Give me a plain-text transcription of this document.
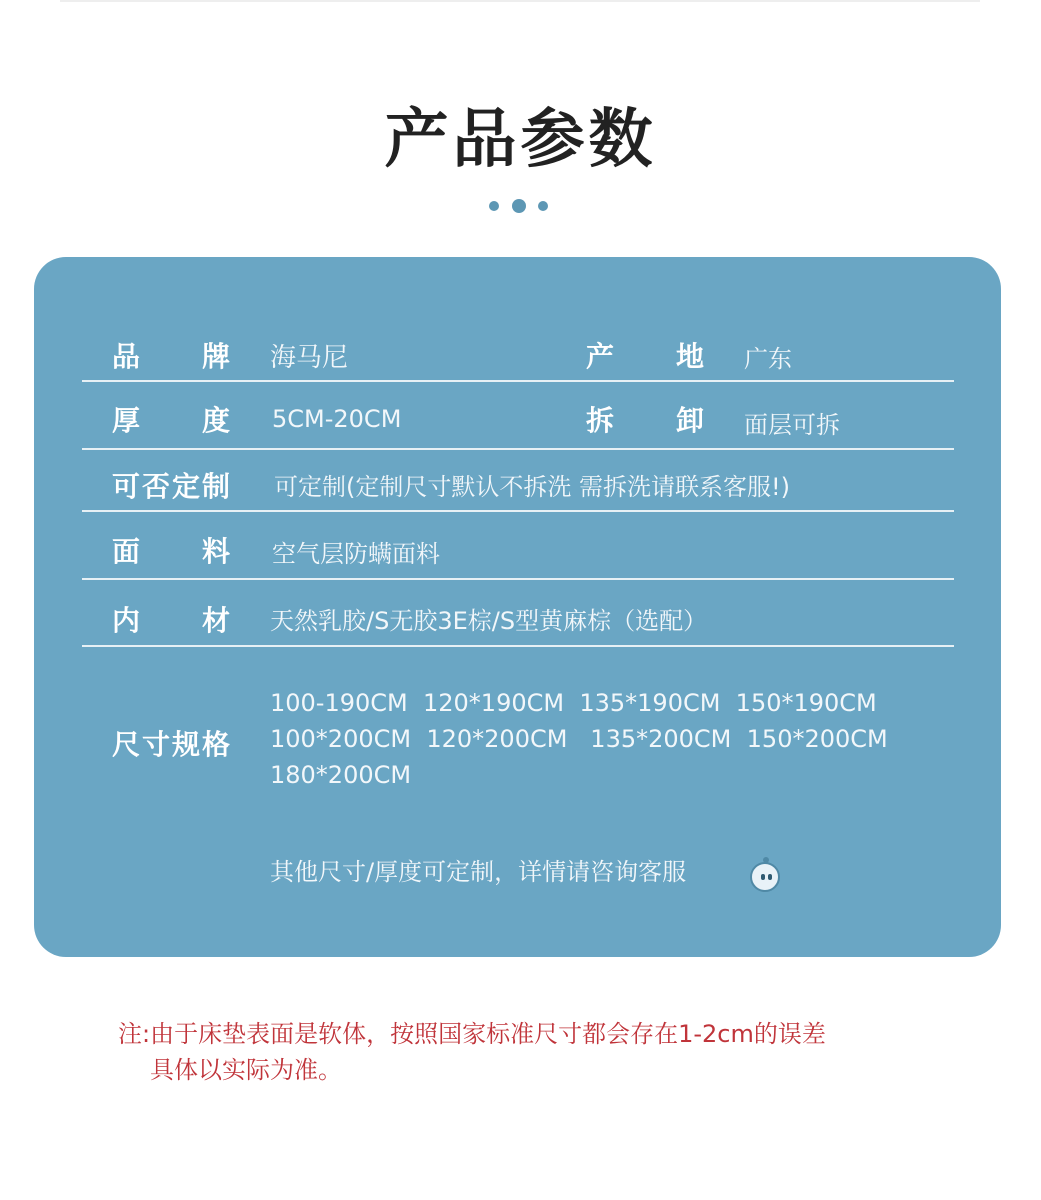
产品参数
品　　牌 海马尼	产　　地 广东
厚　　度 5CM-20CM	拆　　卸 面层可拆
可否定制 可定制(定制尺寸默认不拆洗 需拆洗请联系客服!)
面　　料 空气层防螨面料
内　　材 天然乳胶/S无胶3E棕/S型黄麻棕（选配）
尺寸规格
100-190CM  120*190CM  135*190CM  150*190CM
100*200CM  120*200CM   135*200CM  150*200CM
180*200CM
其他尺寸/厚度可定制，详情请咨询客服
注:由于床垫表面是软体，按照国家标准尺寸都会存在1-2cm的误差
具体以实际为准。
